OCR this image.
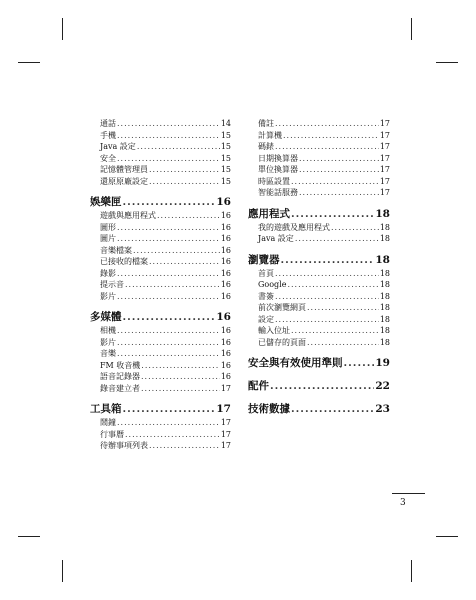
通話 .....	14
手機 .....	15
Java 設定 .....	15
安全 .....	15
記憶體管理員 .....	15
還原原廠設定 .....	15
娛樂匣 .....	16
遊戲與應用程式 .....	16
圖形 .....	16
圖片 .....	16
音樂檔案 .....	16
已接收的檔案 .....	16
錄影 .....	16
提示音 .....	16
影片 .....	16
多媒體 .....	16
相機 .....	16
影片 .....	16
音樂 .....	16
FM 收音機 .....	16
語音記錄器 .....	16
錄音建立者 .....	17
工具箱 .....	17
鬧鐘 .....	17
行事曆 .....	17
待辦事項列表 .....	17
備註 .....	17
計算機 .....	17
碼錶 .....	17
日期換算器 .....	17
單位換算器 .....	17
時區設置 .....	17
智能話服務 .....	17
應用程式 .....	18
我的遊戲及應用程式 .....	18
Java 設定 .....	18
瀏覽器 .....	18
首頁 .....	18
Google .....	18
書簽 .....	18
前次瀏覽網頁 .....	18
設定 .....	18
輸入位址 .....	18
已儲存的頁面 .....	18
安全與有效使用準則 .....	19
配件 .....	22
技術數據 .....	23
3
